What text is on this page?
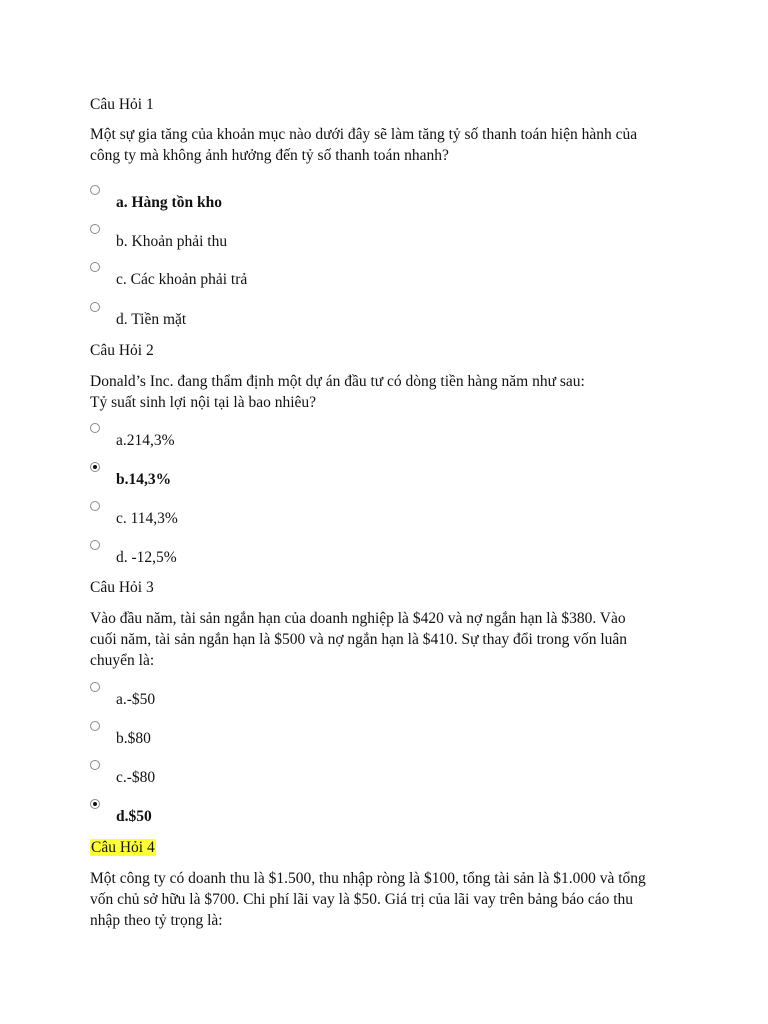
Câu Hỏi 1

Một sự gia tăng của khoản mục nào dưới đây sẽ làm tăng tỷ số thanh toán hiện hành của
công ty mà không ảnh hưởng đến tỷ số thanh toán nhanh?

a. Hàng tồn kho
b. Khoản phải thu
c. Các khoản phải trả
d. Tiền mặt

Câu Hỏi 2

Donald’s Inc. đang thẩm định một dự án đầu tư có dòng tiền hàng năm như sau:
Tỷ suất sinh lợi nội tại là bao nhiêu?

a.214,3%
b.14,3%
c. 114,3%
d. -12,5%

Câu Hỏi 3

Vào đầu năm, tài sản ngắn hạn của doanh nghiệp là $420 và nợ ngắn hạn là $380. Vào
cuối năm, tài sản ngắn hạn là $500 và nợ ngắn hạn là $410. Sự thay đổi trong vốn luân
chuyển là:

a.-$50
b.$80
c.-$80
d.$50

Câu Hỏi 4

Một công ty có doanh thu là $1.500, thu nhập ròng là $100, tổng tài sản là $1.000 và tổng
vốn chủ sở hữu là $700. Chi phí lãi vay là $50. Giá trị của lãi vay trên bảng báo cáo thu
nhập theo tỷ trọng là:
